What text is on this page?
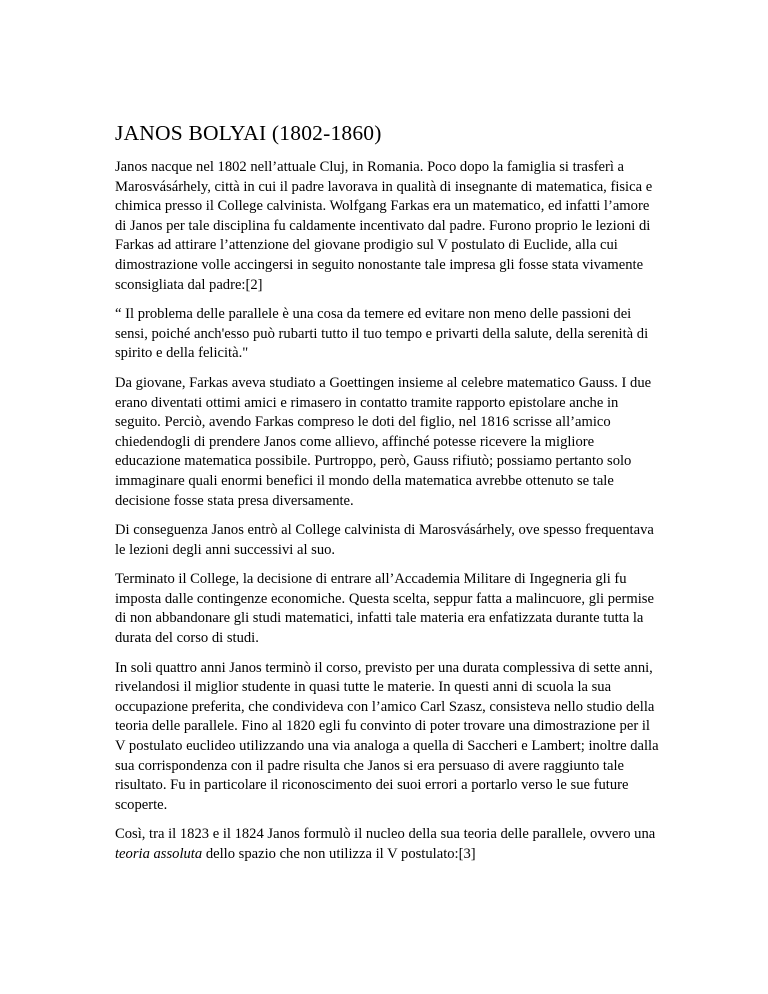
JANOS BOLYAI (1802-1860)

Janos nacque nel 1802 nell’attuale Cluj, in Romania. Poco dopo la famiglia si trasferì a Marosvásárhely, città in cui il padre lavorava in qualità di insegnante di matematica, fisica e chimica presso il College calvinista. Wolfgang Farkas era un matematico, ed infatti l’amore di Janos per tale disciplina fu caldamente incentivato dal padre. Furono proprio le lezioni di Farkas ad attirare l’attenzione del giovane prodigio sul V postulato di Euclide, alla cui dimostrazione volle accingersi in seguito nonostante tale impresa gli fosse stata vivamente sconsigliata dal padre:[2]

“ Il problema delle parallele è una cosa da temere ed evitare non meno delle passioni dei sensi, poiché anch'esso può rubarti tutto il tuo tempo e privarti della salute, della serenità di spirito e della felicità."

Da giovane, Farkas aveva studiato a Goettingen insieme al celebre matematico Gauss. I due erano diventati ottimi amici e rimasero in contatto tramite rapporto epistolare anche in seguito. Perciò, avendo Farkas compreso le doti del figlio, nel 1816 scrisse all’amico chiedendogli di prendere Janos come allievo, affinché potesse ricevere la migliore educazione matematica possibile. Purtroppo, però, Gauss rifiutò; possiamo pertanto solo immaginare quali enormi benefici il mondo della matematica avrebbe ottenuto se tale decisione fosse stata presa diversamente.

Di conseguenza Janos entrò al College calvinista di Marosvásárhely, ove spesso frequentava le lezioni degli anni successivi al suo.

Terminato il College, la decisione di entrare all’Accademia Militare di Ingegneria gli fu imposta dalle contingenze economiche. Questa scelta, seppur fatta a malincuore, gli permise di non abbandonare gli studi matematici, infatti tale materia era enfatizzata durante tutta la durata del corso di studi.

In soli quattro anni Janos terminò il corso, previsto per una durata complessiva di sette anni, rivelandosi il miglior studente in quasi tutte le materie. In questi anni di scuola la sua occupazione preferita, che condivideva con l’amico Carl Szasz, consisteva nello studio della teoria delle parallele. Fino al 1820 egli fu convinto di poter trovare una dimostrazione per il V postulato euclideo utilizzando una via analoga a quella di Saccheri e Lambert; inoltre dalla sua corrispondenza con il padre risulta che Janos si era persuaso di avere raggiunto tale risultato. Fu in particolare il riconoscimento dei suoi errori a portarlo verso le sue future scoperte.

Così, tra il 1823 e il 1824 Janos formulò il nucleo della sua teoria delle parallele, ovvero una teoria assoluta dello spazio che non utilizza il V postulato:[3]
